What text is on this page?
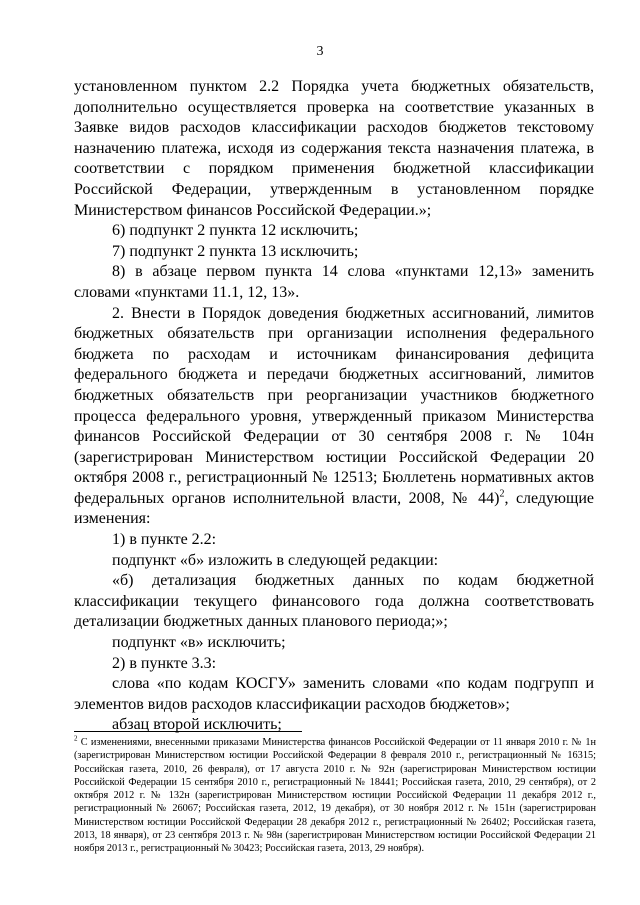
3

установленном пунктом 2.2 Порядка учета бюджетных обязательств, дополнительно осуществляется проверка на соответствие указанных в Заявке видов расходов классификации расходов бюджетов текстовому назначению платежа, исходя из содержания текста назначения платежа, в соответствии с порядком применения бюджетной классификации Российской Федерации, утвержденным в установленном порядке Министерством финансов Российской Федерации.»;

6) подпункт 2 пункта 12 исключить;

7) подпункт 2 пункта 13 исключить;

8) в абзаце первом пункта 14 слова «пунктами 12,13» заменить словами «пунктами 11.1, 12, 13».

2. Внести в Порядок доведения бюджетных ассигнований, лимитов бюджетных обязательств при организации исполнения федерального бюджета по расходам и источникам финансирования дефицита федерального бюджета и передачи бюджетных ассигнований, лимитов бюджетных обязательств при реорганизации участников бюджетного процесса федерального уровня, утвержденный приказом Министерства финансов Российской Федерации от 30 сентября 2008 г. № 104н (зарегистрирован Министерством юстиции Российской Федерации 20 октября 2008 г., регистрационный № 12513; Бюллетень нормативных актов федеральных органов исполнительной власти, 2008, № 44)$^2$, следующие изменения:

1) в пункте 2.2:

подпункт «б» изложить в следующей редакции:

«б) детализация бюджетных данных по кодам бюджетной классификации текущего финансового года должна соответствовать детализации бюджетных данных планового периода;»;

подпункт «в» исключить;

2) в пункте 3.3:

слова «по кодам КОСГУ» заменить словами «по кодам подгрупп и элементов видов расходов классификации расходов бюджетов»;

абзац второй исключить;

$^2$ С изменениями, внесенными приказами Министерства финансов Российской Федерации от 11 января 2010 г. № 1н (зарегистрирован Министерством юстиции Российской Федерации 8 февраля 2010 г., регистрационный № 16315; Российская газета, 2010, 26 февраля), от 17 августа 2010 г. № 92н (зарегистрирован Министерством юстиции Российской Федерации 15 сентября 2010 г., регистрационный № 18441; Российская газета, 2010, 29 сентября), от 2 октября 2012 г. № 132н (зарегистрирован Министерством юстиции Российской Федерации 11 декабря 2012 г., регистрационный № 26067; Российская газета, 2012, 19 декабря), от 30 ноября 2012 г. № 151н (зарегистрирован Министерством юстиции Российской Федерации 28 декабря 2012 г., регистрационный № 26402; Российская газета, 2013, 18 января), от 23 сентября 2013 г. № 98н (зарегистрирован Министерством юстиции Российской Федерации 21 ноября 2013 г., регистрационный № 30423; Российская газета, 2013, 29 ноября).
